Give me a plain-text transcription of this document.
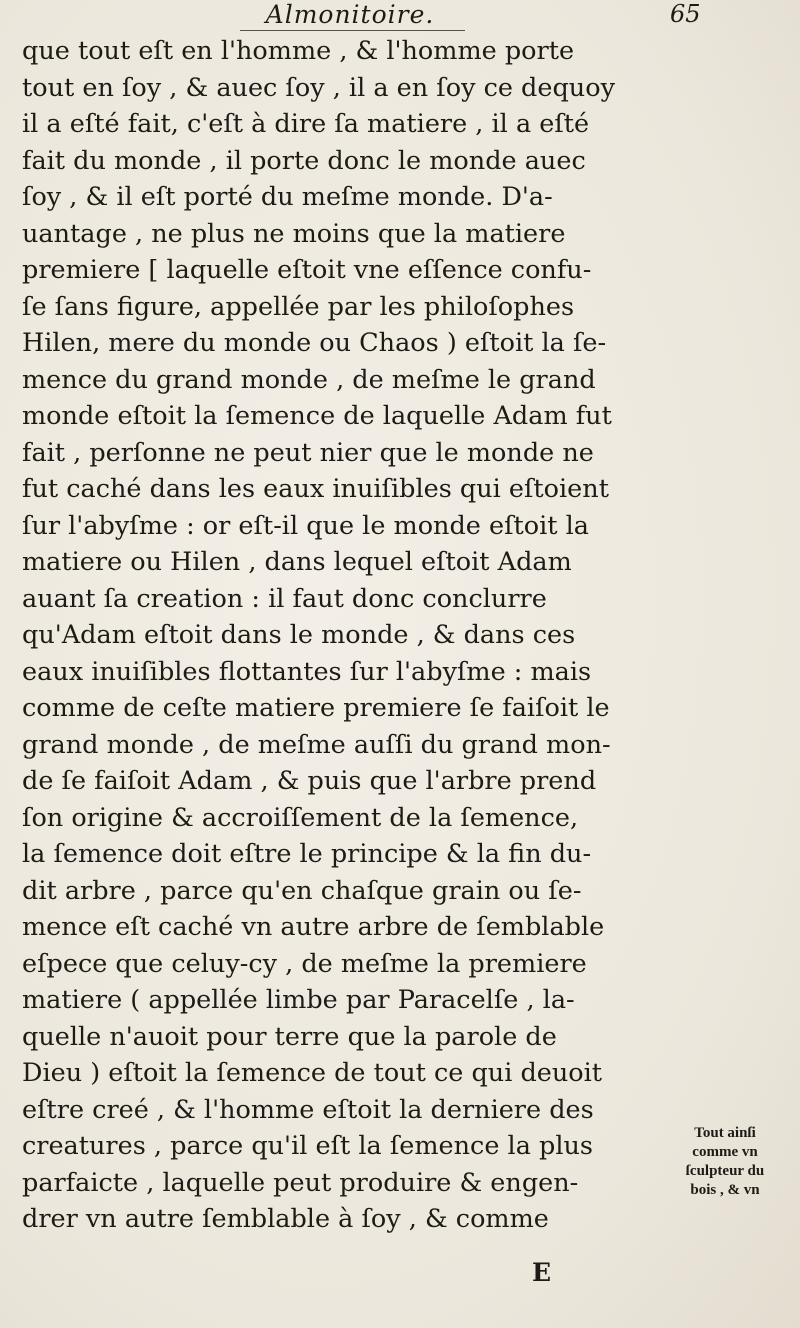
Almonitoire.	65
que tout eſt en l'homme , & l'homme porte
tout en ſoy , & auec ſoy , il a en ſoy ce dequoy
il a eſté fait, c'eſt à dire ſa matiere , il a eſté
fait du monde , il porte donc le monde auec
ſoy , & il eſt porté du meſme monde. D'a-
uantage , ne plus ne moins que la matiere
premiere [ laquelle eſtoit vne eſſence confu-
ſe ſans figure, appellée par les philoſophes
Hilen, mere du monde ou Chaos ) eſtoit la ſe-
mence du grand monde , de meſme le grand
monde eſtoit la ſemence de laquelle Adam fut
fait , perſonne ne peut nier que le monde ne
fut caché dans les eaux inuiſibles qui eſtoient
ſur l'abyſme : or eſt-il que le monde eſtoit la
matiere ou Hilen , dans lequel eſtoit Adam
auant ſa creation : il faut donc conclurre
qu'Adam eſtoit dans le monde , & dans ces
eaux inuiſibles flottantes ſur l'abyſme : mais
comme de ceſte matiere premiere ſe faiſoit le
grand monde , de meſme auſſi du grand mon-
de ſe faiſoit Adam , & puis que l'arbre prend
ſon origine & accroiſſement de la ſemence,
la ſemence doit eſtre le principe & la fin du-
dit arbre , parce qu'en chaſque grain ou ſe-
mence eſt caché vn autre arbre de ſemblable
eſpece que celuy-cy , de meſme la premiere
matiere ( appellée limbe par Paracelſe , la-
quelle n'auoit pour terre que la parole de
Dieu ) eſtoit la ſemence de tout ce qui deuoit
eſtre creé , & l'homme eſtoit la derniere des
creatures , parce qu'il eſt la ſemence la plus
parfaicte , laquelle peut produire & engen-
drer vn autre ſemblable à ſoy , & comme
E
Tout ainſi
comme vn
ſculpteur du
bois , & vn
